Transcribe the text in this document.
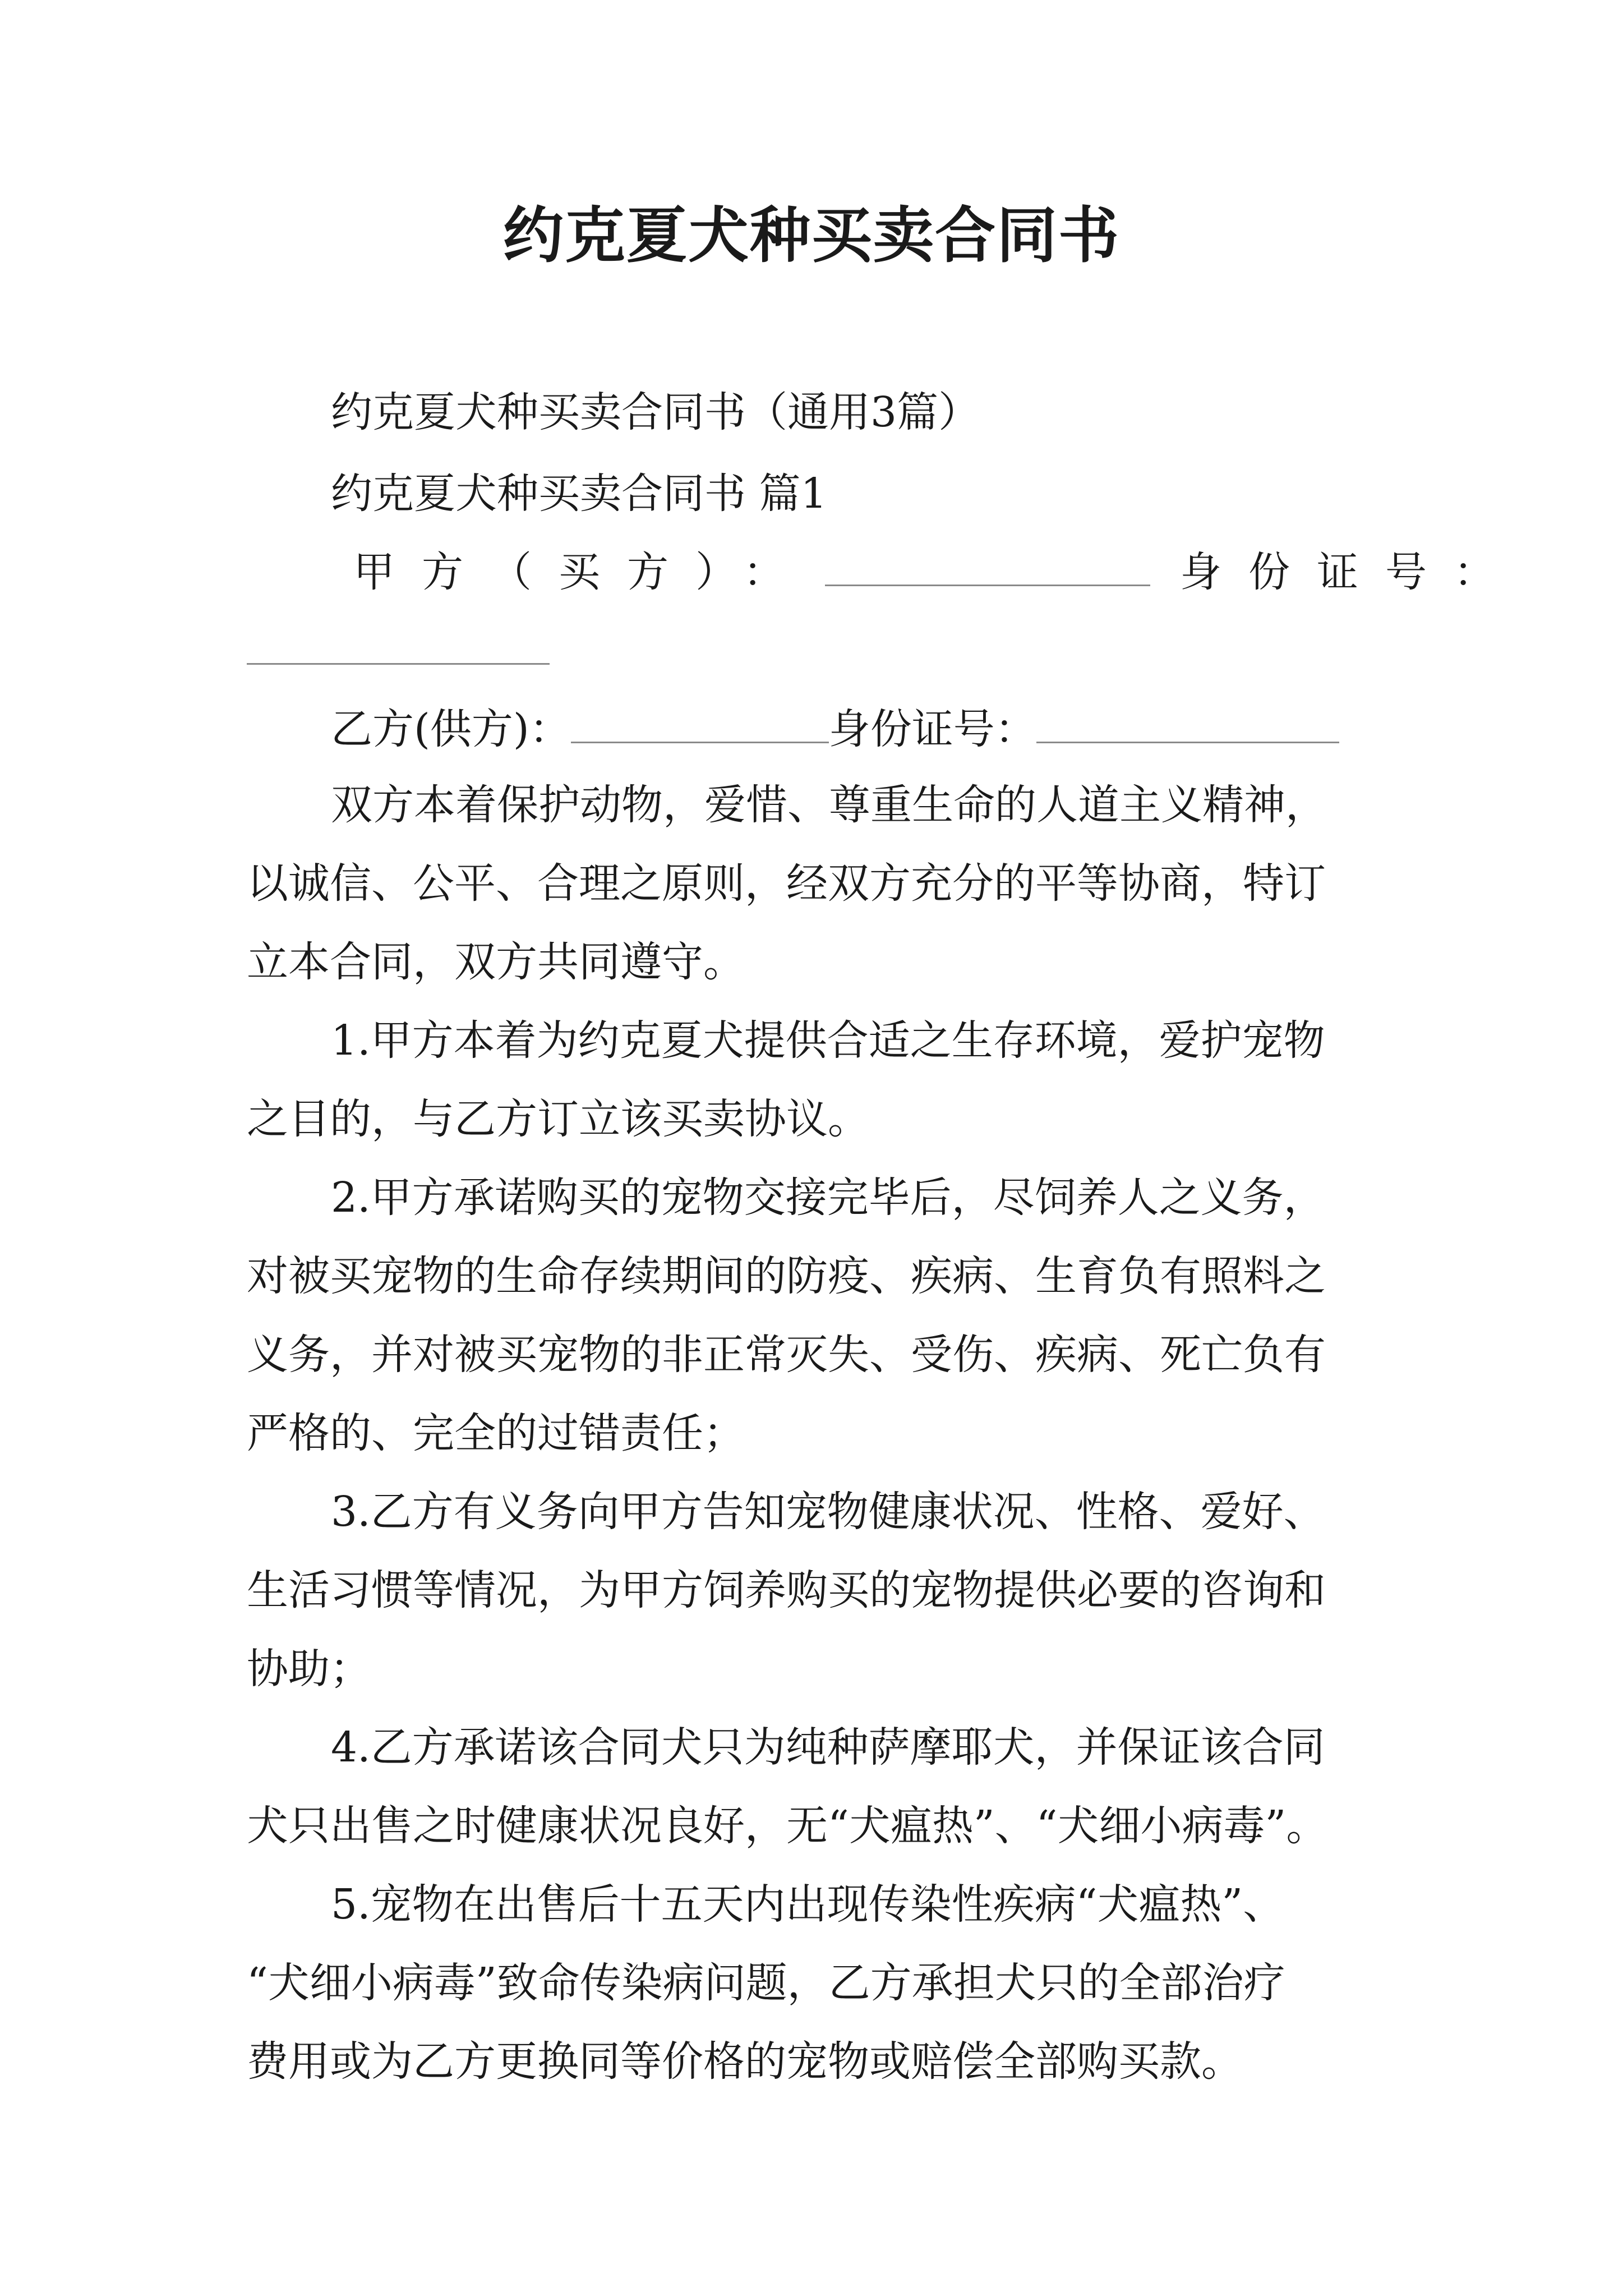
约克夏犬种买卖合同书
约克夏犬种买卖合同书（通用3篇）
约克夏犬种买卖合同书 篇1
甲方（买方）：	身份证号：
乙方(供方)：	身份证号：
双方本着保护动物，爱惜、尊重生命的人道主义精神，
以诚信、公平、合理之原则，经双方充分的平等协商，特订
立本合同，双方共同遵守。
1.甲方本着为约克夏犬提供合适之生存环境，爱护宠物
之目的，与乙方订立该买卖协议。
2.甲方承诺购买的宠物交接完毕后，尽饲养人之义务，
对被买宠物的生命存续期间的防疫、疾病、生育负有照料之
义务，并对被买宠物的非正常灭失、受伤、疾病、死亡负有
严格的、完全的过错责任；
3.乙方有义务向甲方告知宠物健康状况、性格、爱好、
生活习惯等情况，为甲方饲养购买的宠物提供必要的咨询和
协助；
4.乙方承诺该合同犬只为纯种萨摩耶犬，并保证该合同
犬只出售之时健康状况良好，无“犬瘟热”、“犬细小病毒”。
5.宠物在出售后十五天内出现传染性疾病“犬瘟热”、
“犬细小病毒”致命传染病问题，乙方承担犬只的全部治疗
费用或为乙方更换同等价格的宠物或赔偿全部购买款。
